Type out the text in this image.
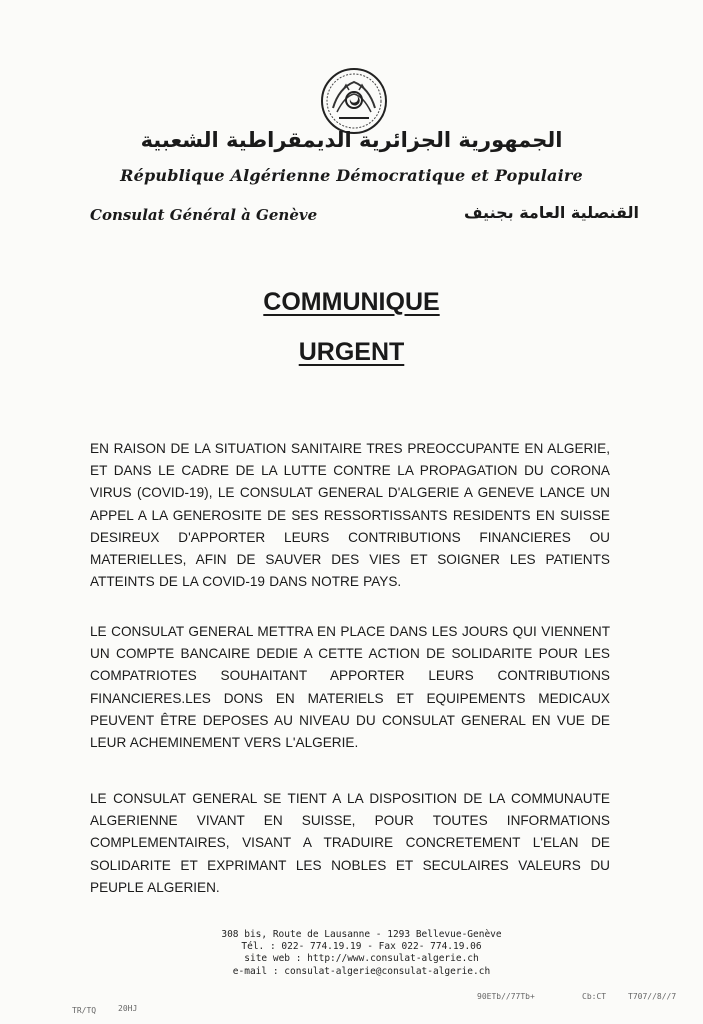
الجمهورية الجزائرية الديمقراطية الشعبية
République Algérienne Démocratique et Populaire
Consulat Général à Genève	القنصلية العامة بجنيف
COMMUNIQUE
URGENT
EN RAISON DE LA SITUATION SANITAIRE TRES PREOCCUPANTE EN ALGERIE, ET DANS LE CADRE DE LA LUTTE CONTRE LA PROPAGATION DU CORONA VIRUS (COVID-19), LE CONSULAT GENERAL D'ALGERIE A GENEVE LANCE UN APPEL A LA GENEROSITE DE SES RESSORTISSANTS RESIDENTS EN SUISSE DESIREUX D'APPORTER LEURS CONTRIBUTIONS FINANCIERES OU MATERIELLES, AFIN DE SAUVER DES VIES ET SOIGNER LES PATIENTS ATTEINTS DE LA COVID-19 DANS NOTRE PAYS.
LE CONSULAT GENERAL METTRA EN PLACE DANS LES JOURS QUI VIENNENT UN COMPTE BANCAIRE DEDIE A CETTE ACTION DE SOLIDARITE POUR LES COMPATRIOTES SOUHAITANT APPORTER LEURS CONTRIBUTIONS FINANCIERES.LES DONS EN MATERIELS ET EQUIPEMENTS MEDICAUX PEUVENT ÊTRE DEPOSES AU NIVEAU DU CONSULAT GENERAL EN VUE DE LEUR ACHEMINEMENT VERS L'ALGERIE.
LE CONSULAT GENERAL SE TIENT A LA DISPOSITION DE LA COMMUNAUTE ALGERIENNE VIVANT EN SUISSE, POUR TOUTES INFORMATIONS COMPLEMENTAIRES, VISANT A TRADUIRE CONCRETEMENT L'ELAN DE SOLIDARITE ET EXPRIMANT LES NOBLES ET SECULAIRES VALEURS DU PEUPLE ALGERIEN.
308 bis, Route de Lausanne - 1293 Bellevue-Genève
Tél. : 022- 774.19.19 - Fax 022- 774.19.06
site web : http://www.consulat-algerie.ch
e-mail : consulat-algerie@consulat-algerie.ch
90ETb//77Tb+	Cb:CT	T707//8//7
TR/TQ	20HJ
